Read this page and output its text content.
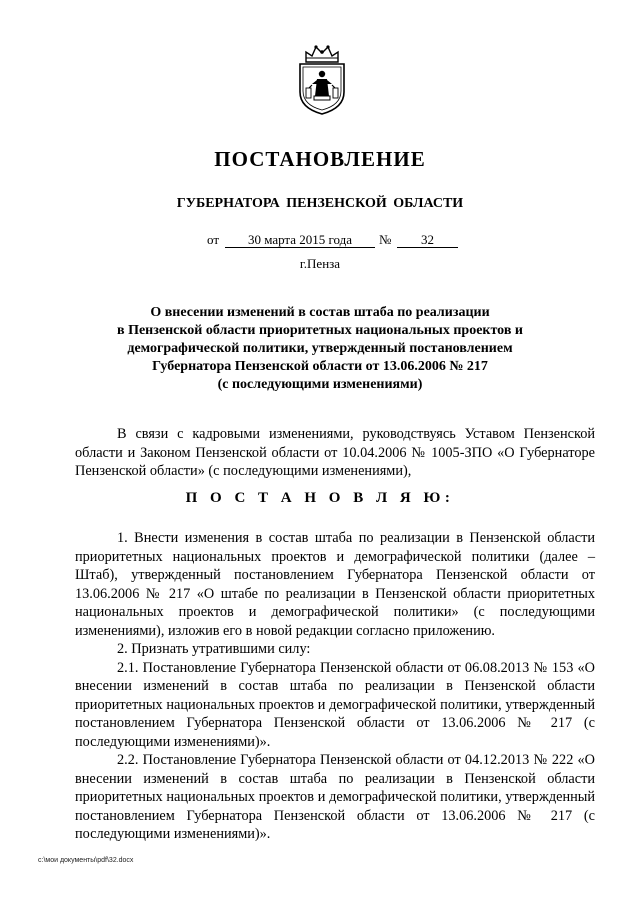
ПОСТАНОВЛЕНИЕ
ГУБЕРНАТОРА ПЕНЗЕНСКОЙ ОБЛАСТИ
от	30 марта 2015 года	№	32
г.Пенза
О внесении изменений в состав штаба по реализации
в Пензенской области приоритетных национальных проектов и
демографической политики, утвержденный постановлением
Губернатора Пензенской области от 13.06.2006 № 217
(с последующими изменениями)

В связи с кадровыми изменениями, руководствуясь Уставом Пензенской области и Законом Пензенской области от 10.04.2006 № 1005-ЗПО «О Губернаторе Пензенской области» (с последующими изменениями),

П О С Т А Н О В Л Я Ю:

1. Внести изменения в состав штаба по реализации в Пензенской области приоритетных национальных проектов и демографической политики (далее – Штаб), утвержденный постановлением Губернатора Пензенской области от 13.06.2006 № 217 «О штабе по реализации в Пензенской области приоритетных национальных проектов и демографической политики» (с последующими изменениями), изложив его в новой редакции согласно приложению.

2. Признать утратившими силу:

2.1. Постановление Губернатора Пензенской области от 06.08.2013 № 153 «О внесении изменений в состав штаба по реализации в Пензенской области приоритетных национальных проектов и демографической политики, утвержденный постановлением Губернатора Пензенской области от 13.06.2006 № 217 (с последующими изменениями)».

2.2. Постановление Губернатора Пензенской области от 04.12.2013 № 222 «О внесении изменений в состав штаба по реализации в Пензенской области приоритетных национальных проектов и демографической политики, утвержденный постановлением Губернатора Пензенской области от 13.06.2006 № 217 (с последующими изменениями)».

c:\мои документы\pdf\32.docx
